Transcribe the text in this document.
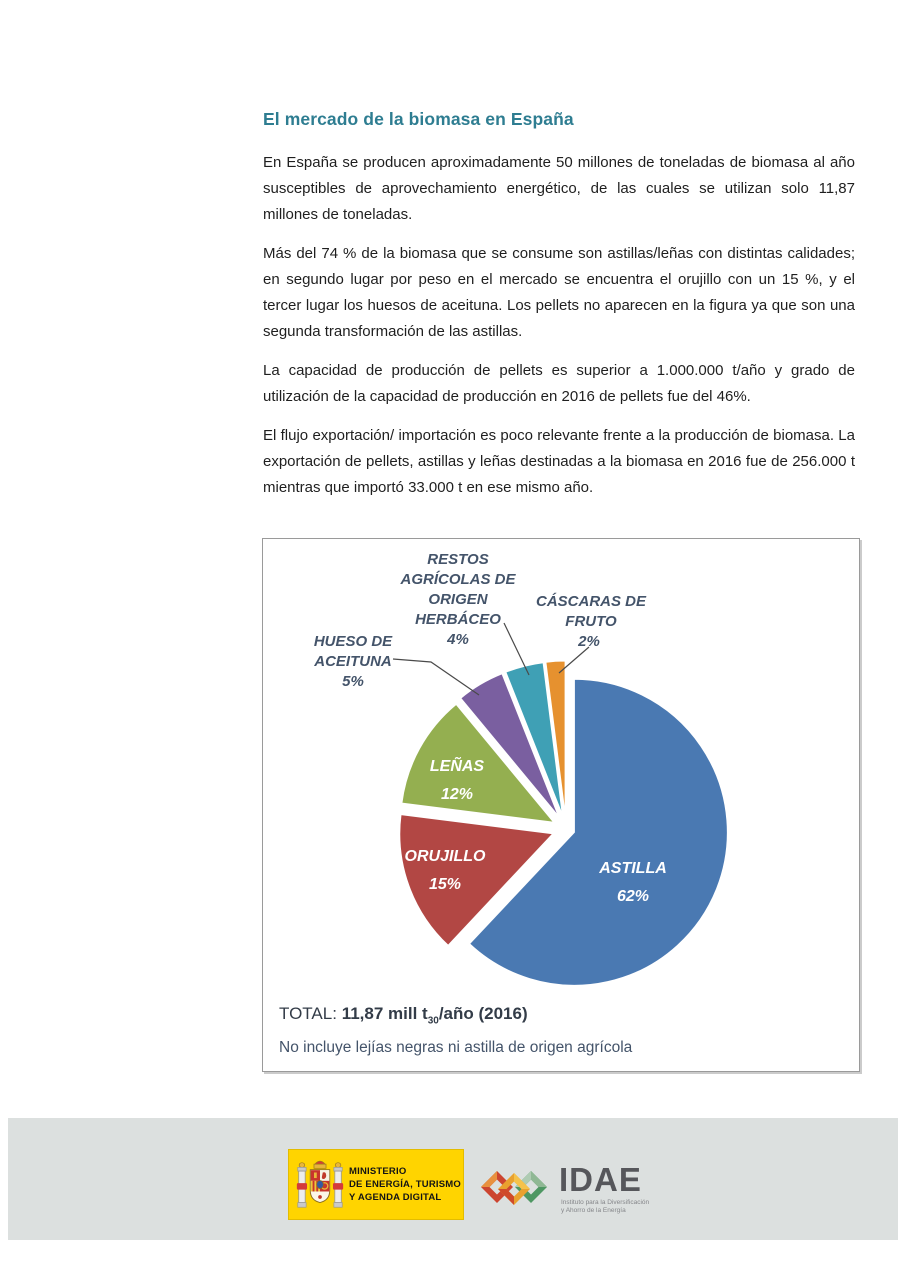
El mercado de la biomasa en España

En España se producen aproximadamente 50 millones de toneladas de biomasa al año susceptibles de aprovechamiento energético, de las cuales se utilizan solo 11,87 millones de toneladas.

Más del 74 % de la biomasa que se consume son astillas/leñas con distintas calidades; en segundo lugar por peso en el mercado se encuentra el orujillo con un 15 %, y el tercer lugar los huesos de aceituna. Los pellets no aparecen en la figura ya que son una segunda transformación de las astillas.

La capacidad de producción de pellets es superior a 1.000.000 t/año y grado de utilización de la capacidad de producción en 2016 de pellets fue del 46%.

El flujo exportación/ importación es poco relevante frente a la producción de biomasa. La exportación de pellets, astillas y leñas destinadas a la biomasa en 2016 fue de 256.000 t mientras que importó 33.000 t en ese mismo año.

RESTOS
AGRÍCOLAS DE
ORIGEN
HERBÁCEO
4%
CÁSCARAS DE
FRUTO
2%
HUESO DE
ACEITUNA
5%
LEÑAS
12%
ORUJILLO
15%
ASTILLA
62%
TOTAL: 11,87 mill $t_{30}$/año (2016)
No incluye lejías negras ni astilla de origen agrícola
MINISTERIO
DE ENERGÍA, TURISMO
Y AGENDA DIGITAL	IDAE
Instituto para la Diversificación
y Ahorro de la Energía
